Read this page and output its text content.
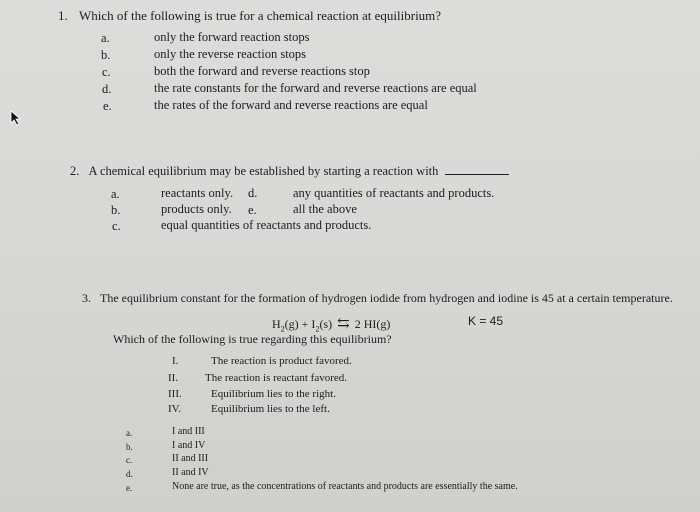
1. Which of the following is true for a chemical reaction at equilibrium?
a.	only the forward reaction stops
b.	only the reverse reaction stops
c.	both the forward and reverse reactions stop
d.	the rate constants for the forward and reverse reactions are equal
e.	the rates of the forward and reverse reactions are equal
2. A chemical equilibrium may be established by starting a reaction with
a.	reactants only. d.	any quantities of reactants and products.
b.	products only. e.	all the above
c.	equal quantities of reactants and products.
3. The equilibrium constant for the formation of hydrogen iodide from hydrogen and iodine is 45 at a certain temperature.
$H_2(g) + I_2(s)$ ⇆ 2 HI(g)	K = 45
Which of the following is true regarding this equilibrium?
I.	The reaction is product favored.
II. The reaction is reactant favored.
III.	Equilibrium lies to the right.
IV.	Equilibrium lies to the left.
a.	I and III
b.	I and IV
c.	II and III
d.	II and IV
e.	None are true, as the concentrations of reactants and products are essentially the same.
